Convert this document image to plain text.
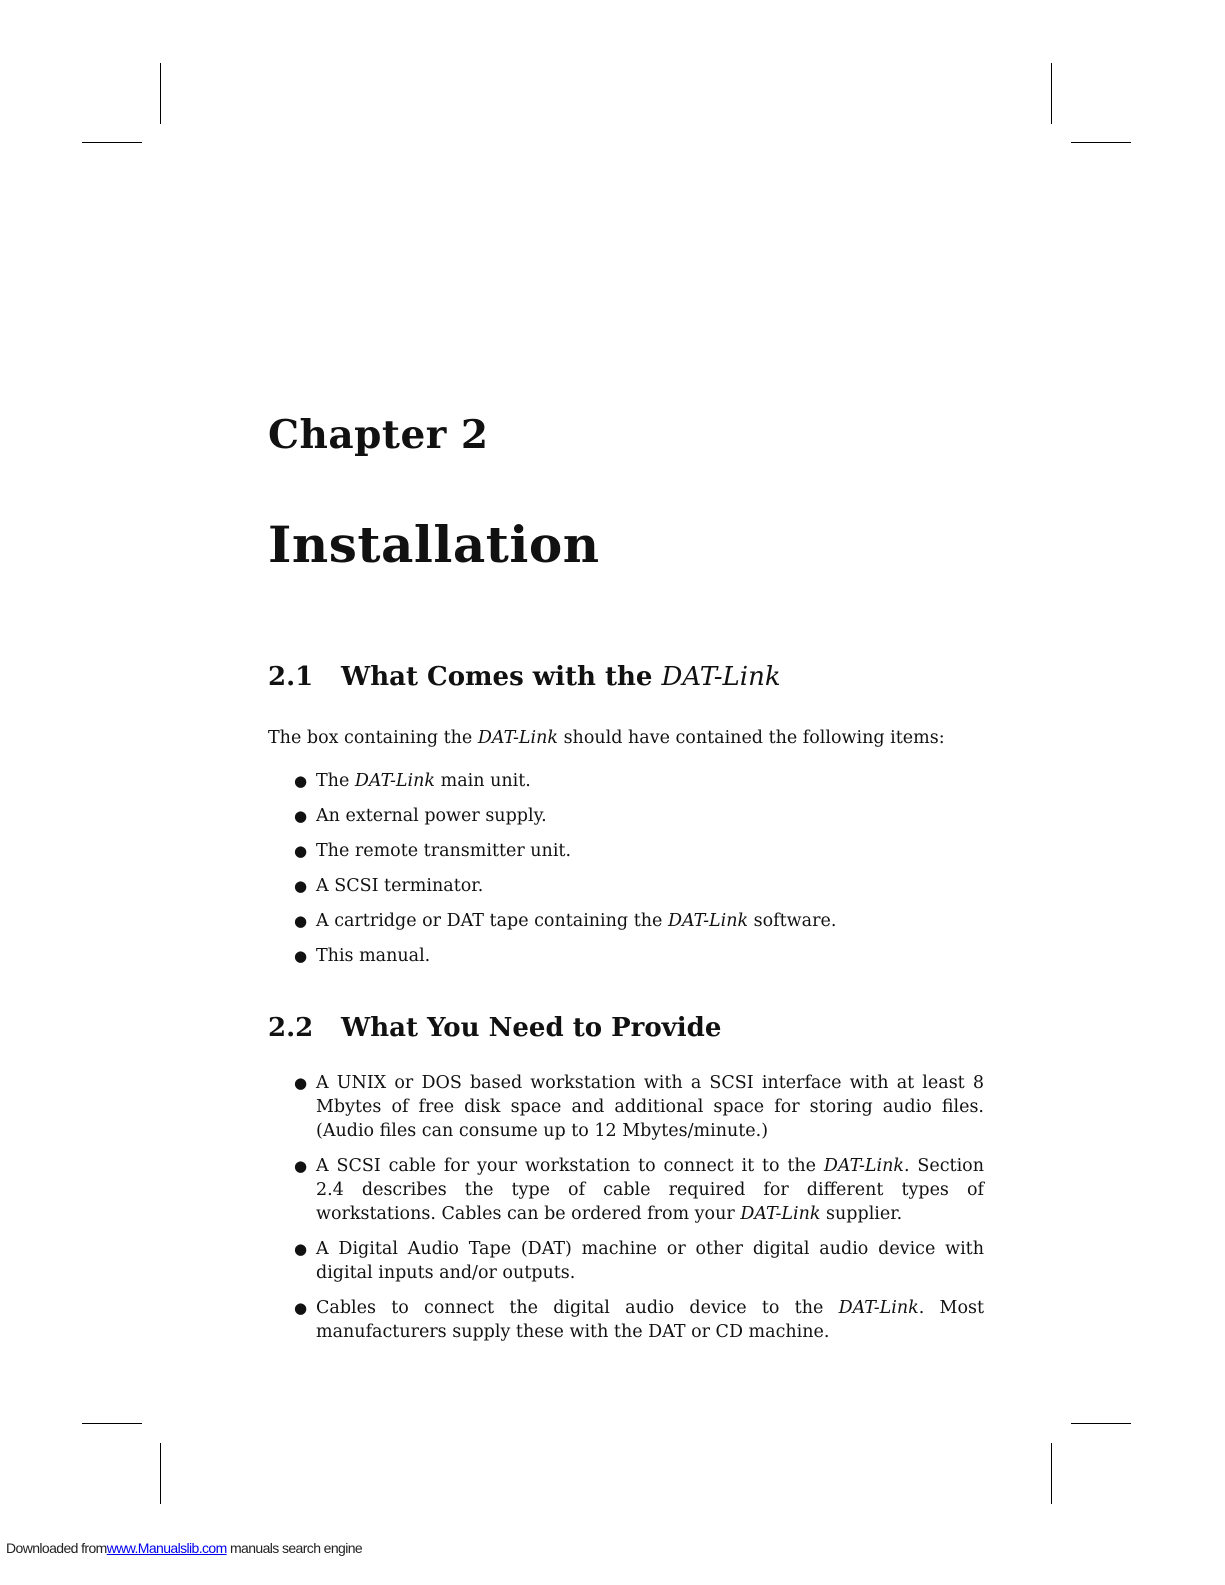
Chapter 2
Installation
2.1 What Comes with the DAT-Link
The box containing the DAT-Link should have contained the following items:
● The DAT-Link main unit.
● An external power supply.
● The remote transmitter unit.
● A SCSI terminator.
● A cartridge or DAT tape containing the DAT-Link software.
● This manual.
2.2 What You Need to Provide
● A UNIX or DOS based workstation with a SCSI interface with at least 8 Mbytes of free disk space and additional space for storing audio files. (Audio files can consume up to 12 Mbytes/minute.)
● A SCSI cable for your workstation to connect it to the DAT-Link. Section 2.4 describes the type of cable required for different types of workstations. Cables can be ordered from your DAT-Link supplier.
● A Digital Audio Tape (DAT) machine or other digital audio device with digital inputs and/or outputs.
● Cables to connect the digital audio device to the DAT-Link. Most manufacturers supply these with the DAT or CD machine.
Downloaded fromwww.Manualslib.com manuals search engine
